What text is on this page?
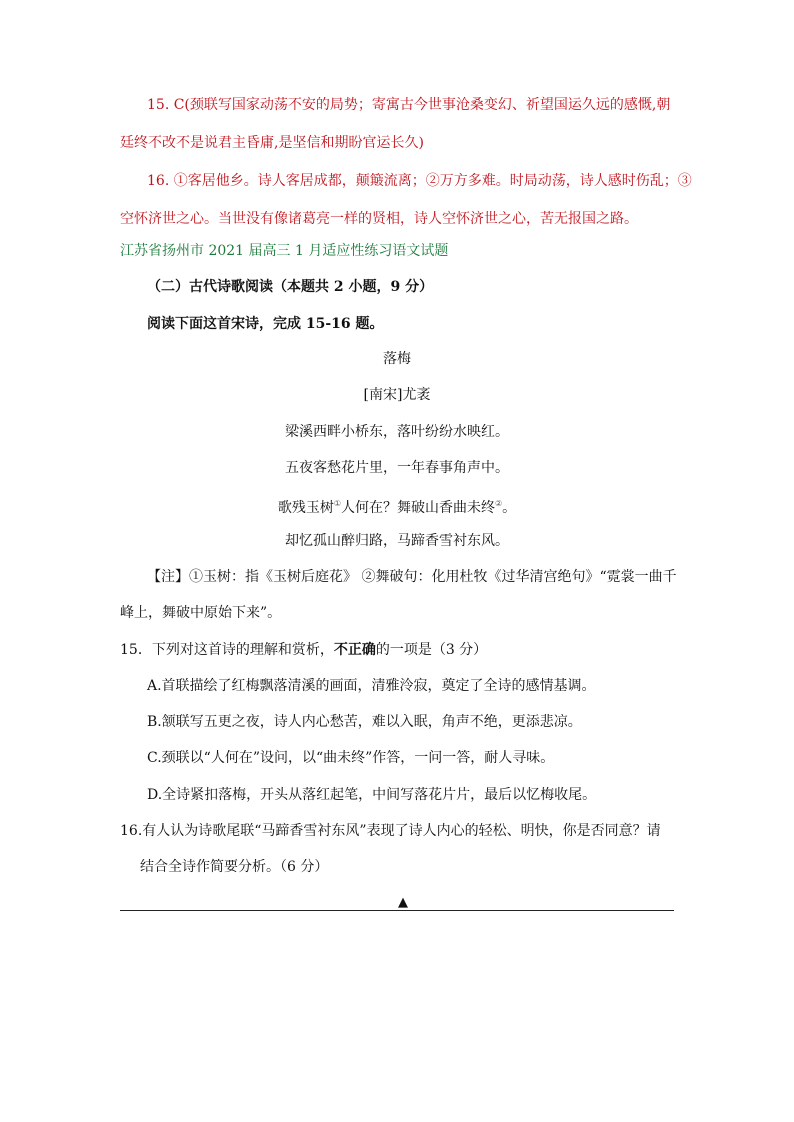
15. C(颈联写国家动荡不安的局势；寄寓古今世事沧桑变幻、祈望国运久远的感慨,朝
廷终不改不是说君主昏庸,是坚信和期盼官运长久)
16. ①客居他乡。诗人客居成都，颠簸流离；②万方多难。时局动荡，诗人感时伤乱；③
空怀济世之心。当世没有像诸葛亮一样的贤相，诗人空怀济世之心，苦无报国之路。
江苏省扬州市 2021 届高三 1 月适应性练习语文试题
（二）古代诗歌阅读（本题共 2 小题，9 分）
阅读下面这首宋诗，完成 15-16 题。
落梅
[南宋]尤袤
梁溪西畔小桥东，落叶纷纷水映红。
五夜客愁花片里，一年春事角声中。
歌残玉树①人何在？舞破山香曲未终②。
却忆孤山醉归路，马蹄香雪衬东风。
【注】①玉树：指《玉树后庭花》 ②舞破句：化用杜牧《过华清宫绝句》“霓裳一曲千
峰上，舞破中原始下来”。
15．下列对这首诗的理解和赏析，不正确的一项是（3 分）
A.首联描绘了红梅飘落清溪的画面，清雅泠寂，奠定了全诗的感情基调。
B.颔联写五更之夜，诗人内心愁苦，难以入眠，角声不绝，更添悲凉。
C.颈联以“人何在”设问，以“曲未终”作答，一问一答，耐人寻味。
D.全诗紧扣落梅，开头从落红起笔，中间写落花片片，最后以忆梅收尾。
16.有人认为诗歌尾联“马蹄香雪衬东风”表现了诗人内心的轻松、明快，你是否同意？请
结合全诗作简要分析。（6 分）
▲
